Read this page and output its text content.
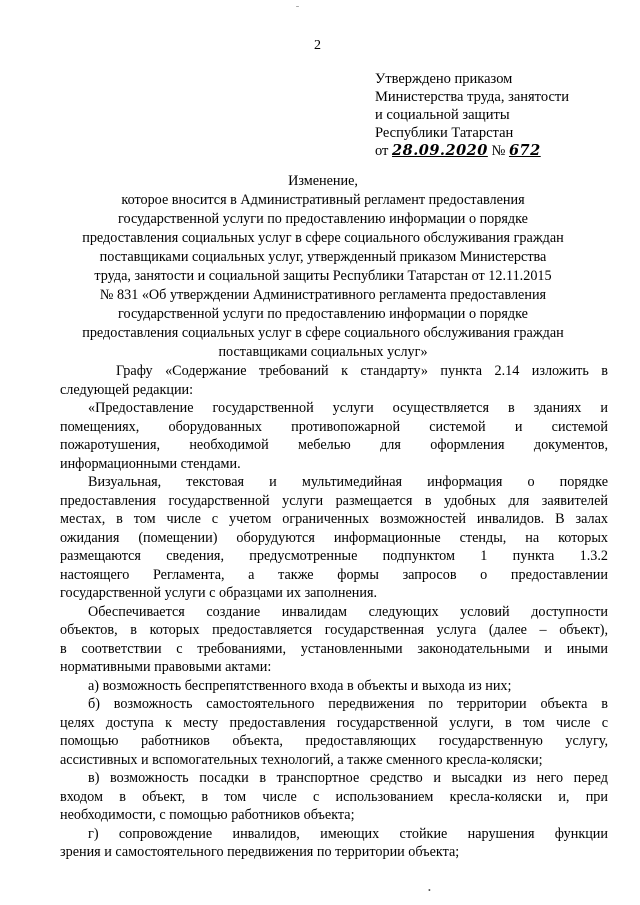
ˉ
2
Утверждено приказом
Министерства труда, занятости
и социальной защиты
Республики Татарстан
от 28.09.2020 № 672
Изменение,
которое вносится в Административный регламент предоставления
государственной услуги по предоставлению информации о порядке
предоставления социальных услуг в сфере социального обслуживания граждан
поставщиками социальных услуг, утвержденный приказом Министерства
труда, занятости и социальной защиты Республики Татарстан от 12.11.2015
№ 831 «Об утверждении Административного регламента предоставления
государственной услуги по предоставлению информации о порядке
предоставления социальных услуг в сфере социального обслуживания граждан
поставщиками социальных услуг»
Графу «Содержание требований к стандарту» пункта 2.14 изложить в
следующей редакции:
«Предоставление государственной услуги осуществляется в зданиях и
помещениях, оборудованных противопожарной системой и системой
пожаротушения, необходимой мебелью для оформления документов,
информационными стендами.
Визуальная, текстовая и мультимедийная информация о порядке
предоставления государственной услуги размещается в удобных для заявителей
местах, в том числе с учетом ограниченных возможностей инвалидов. В залах
ожидания (помещении) оборудуются информационные стенды, на которых
размещаются сведения, предусмотренные подпунктом 1 пункта 1.3.2
настоящего Регламента, а также формы запросов о предоставлении
государственной услуги с образцами их заполнения.
Обеспечивается создание инвалидам следующих условий доступности
объектов, в которых предоставляется государственная услуга (далее – объект),
в соответствии с требованиями, установленными законодательными и иными
нормативными правовыми актами:
а) возможность беспрепятственного входа в объекты и выхода из них;
б) возможность самостоятельного передвижения по территории объекта в
целях доступа к месту предоставления государственной услуги, в том числе с
помощью работников объекта, предоставляющих государственную услугу,
ассистивных и вспомогательных технологий, а также сменного кресла-коляски;
в) возможность посадки в транспортное средство и высадки из него перед
входом в объект, в том числе с использованием кресла-коляски и, при
необходимости, с помощью работников объекта;
г) сопровождение инвалидов, имеющих стойкие нарушения функции
зрения и самостоятельного передвижения по территории объекта;
•
